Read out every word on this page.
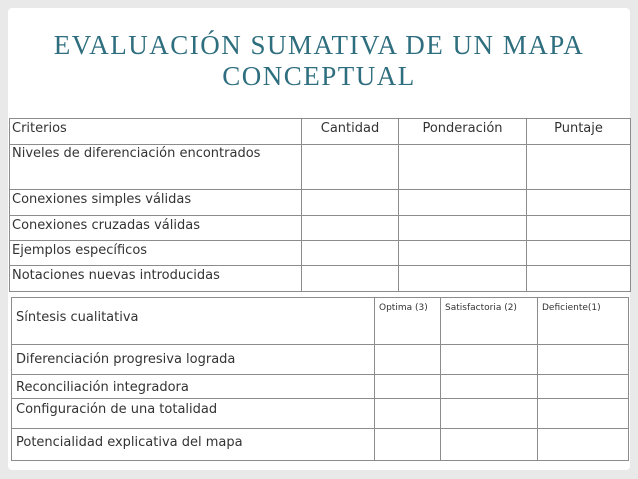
EVALUACIÓN SUMATIVA DE UN MAPA CONCEPTUAL
Criterios	Cantidad	Ponderación	Puntaje
Niveles de diferenciación encontrados			
Conexiones simples válidas			
Conexiones cruzadas válidas			
Ejemplos específicos			
Notaciones nuevas introducidas			
Síntesis cualitativa	Optima (3)	Satisfactoria (2)	Deficiente(1)
Diferenciación progresiva lograda			
Reconciliación integradora			
Configuración de una totalidad			
Potencialidad explicativa del mapa			
